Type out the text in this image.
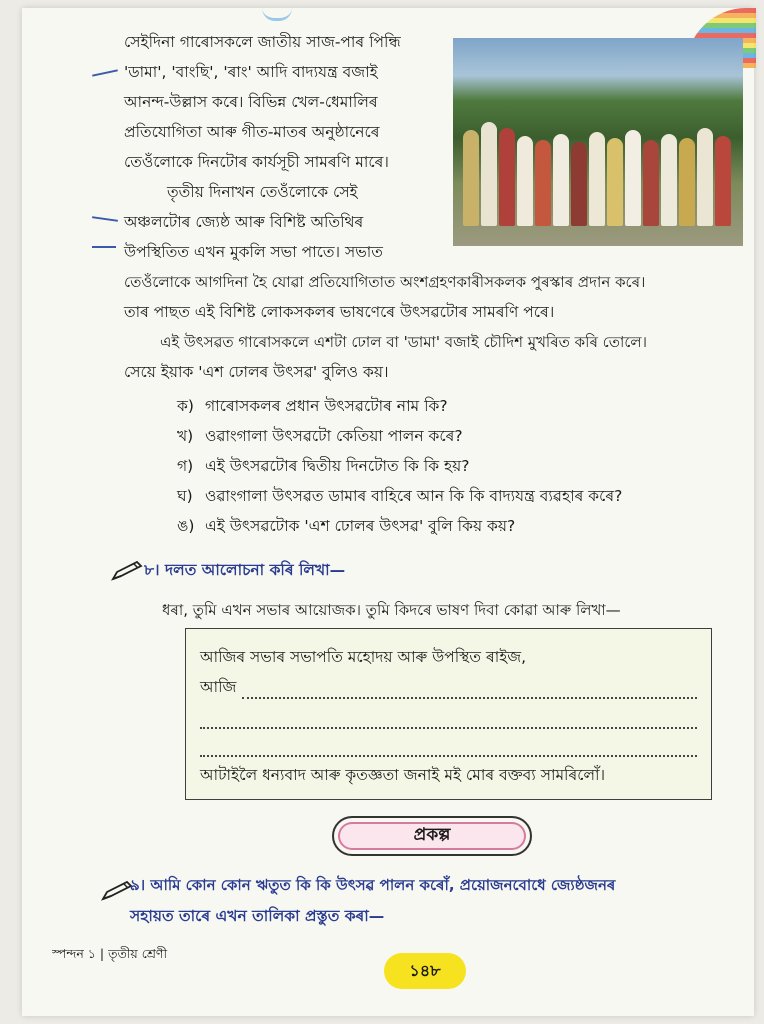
সেইদিনা গাৰোসকলে জাতীয় সাজ-পাৰ পিন্ধি
'ডামা', 'বাংছি', 'ৰাং' আদি বাদ্যযন্ত্ৰ বজাই
আনন্দ-উল্লাস কৰে। বিভিন্ন খেল-ধেমালিৰ
প্ৰতিযোগিতা আৰু গীত-মাতৰ অনুষ্ঠানেৰে
তেওঁলোকে দিনটোৰ কাৰ্যসূচী সামৰণি মাৰে।
তৃতীয় দিনাখন তেওঁলোকে সেই
অঞ্চলটোৰ জ্যেষ্ঠ আৰু বিশিষ্ট অতিথিৰ
উপস্থিতিত এখন মুকলি সভা পাতে। সভাত
তেওঁলোকে আগদিনা হৈ যোৱা প্ৰতিযোগিতাত অংশগ্ৰহণকাৰীসকলক পুৰস্কাৰ প্ৰদান কৰে।
তাৰ পাছত এই বিশিষ্ট লোকসকলৰ ভাষণেৰে উৎসৱটোৰ সামৰণি পৰে।
এই উৎসৱত গাৰোসকলে এশটা ঢোল বা 'ডামা' বজাই চৌদিশ মুখৰিত কৰি তোলে।
সেয়ে ইয়াক 'এশ ঢোলৰ উৎসৱ' বুলিও কয়।
ক) গাৰোসকলৰ প্ৰধান উৎসৱটোৰ নাম কি?
খ) ওৱাংগালা উৎসৱটো কেতিয়া পালন কৰে?
গ) এই উৎসৱটোৰ দ্বিতীয় দিনটোত কি কি হয়?
ঘ) ওৱাংগালা উৎসৱত ডামাৰ বাহিৰে আন কি কি বাদ্যযন্ত্ৰ ব্যৱহাৰ কৰে?
ঙ) এই উৎসৱটোক 'এশ ঢোলৰ উৎসৱ' বুলি কিয় কয়?
৮। দলত আলোচনা কৰি লিখা—
ধৰা, তুমি এখন সভাৰ আয়োজক। তুমি কিদৰে ভাষণ দিবা কোৱা আৰু লিখা—
আজিৰ সভাৰ সভাপতি মহোদয় আৰু উপস্থিত ৰাইজ,
আজি
আটাইলৈ ধন্যবাদ আৰু কৃতজ্ঞতা জনাই মই মোৰ বক্তব্য সামৰিলোঁ।
প্ৰকল্প
৯। আমি কোন কোন ঋতুত কি কি উৎসৱ পালন কৰোঁ, প্ৰয়োজনবোধে জ্যেষ্ঠজনৰ
সহায়ত তাৰে এখন তালিকা প্ৰস্তুত কৰা—
স্পন্দন ১ | তৃতীয় শ্ৰেণী
১৪৮
